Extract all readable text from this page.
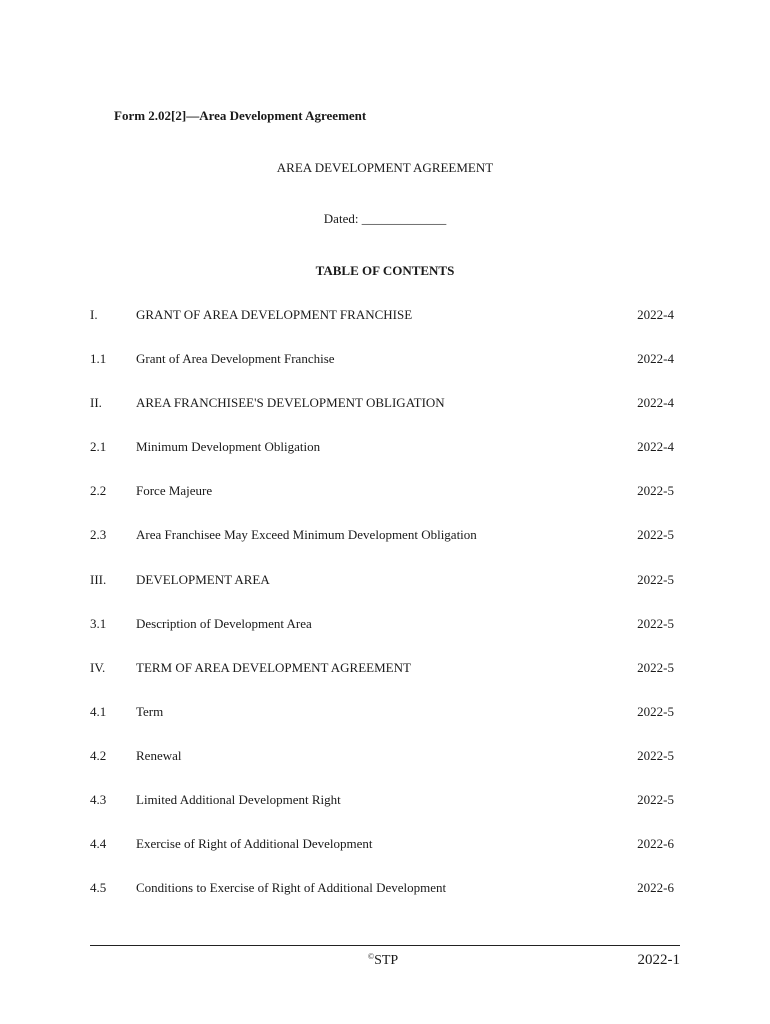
Form 2.02[2]—Area Development Agreement
AREA DEVELOPMENT AGREEMENT
Dated: _____________
TABLE OF CONTENTS
I.	GRANT OF AREA DEVELOPMENT FRANCHISE	2022-4
1.1 Grant of Area Development Franchise	2022-4
II.	AREA FRANCHISEE'S DEVELOPMENT OBLIGATION	2022-4
2.1 Minimum Development Obligation	2022-4
2.2 Force Majeure	2022-5
2.3 Area Franchisee May Exceed Minimum Development Obligation	2022-5
III. DEVELOPMENT AREA	2022-5
3.1 Description of Development Area	2022-5
IV. TERM OF AREA DEVELOPMENT AGREEMENT	2022-5
4.1 Term	2022-5
4.2 Renewal	2022-5
4.3 Limited Additional Development Right	2022-5
4.4 Exercise of Right of Additional Development	2022-6
4.5 Conditions to Exercise of Right of Additional Development	2022-6
©STP	2022-1
